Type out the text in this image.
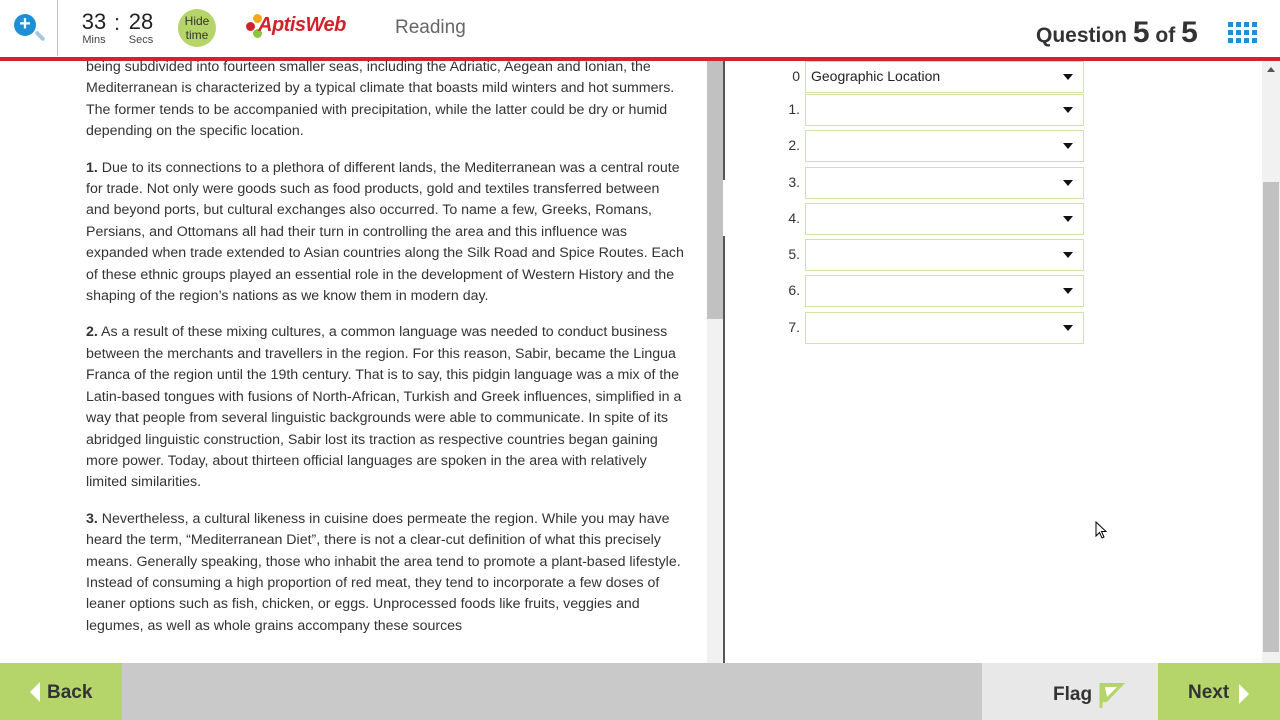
+ 33
Mins
: 28
Secs
Hide time	AptisWeb	Reading	Question 5 of 5

being subdivided into fourteen smaller seas, including the Adriatic, Aegean and Ionian, the Mediterranean is characterized by a typical climate that boasts mild winters and hot summers. The former tends to be accompanied with precipitation, while the latter could be dry or humid depending on the specific location.

1. Due to its connections to a plethora of different lands, the Mediterranean was a central route for trade. Not only were goods such as food products, gold and textiles transferred between and beyond ports, but cultural exchanges also occurred. To name a few, Greeks, Romans, Persians, and Ottomans all had their turn in controlling the area and this influence was expanded when trade extended to Asian countries along the Silk Road and Spice Routes. Each of these ethnic groups played an essential role in the development of Western History and the shaping of the region’s nations as we know them in modern day.

2. As a result of these mixing cultures, a common language was needed to conduct business between the merchants and travellers in the region. For this reason, Sabir, became the Lingua Franca of the region until the 19th century. That is to say, this pidgin language was a mix of the Latin-based tongues with fusions of North-African, Turkish and Greek influences, simplified in a way that people from several linguistic backgrounds were able to communicate. In spite of its abridged linguistic construction, Sabir lost its traction as respective countries began gaining more power. Today, about thirteen official languages are spoken in the area with relatively limited similarities.

3. Nevertheless, a cultural likeness in cuisine does permeate the region. While you may have heard the term, “Mediterranean Diet”, there is not a clear-cut definition of what this precisely means. Generally speaking, those who inhabit the area tend to promote a plant-based lifestyle. Instead of consuming a high proportion of red meat, they tend to incorporate a few doses of leaner options such as fish, chicken, or eggs. Unprocessed foods like fruits, veggies and legumes, as well as whole grains accompany these sources

0 Geographic Location
1.
2.
3.
4.
5.
6.
7.
Back	Flag	Next
